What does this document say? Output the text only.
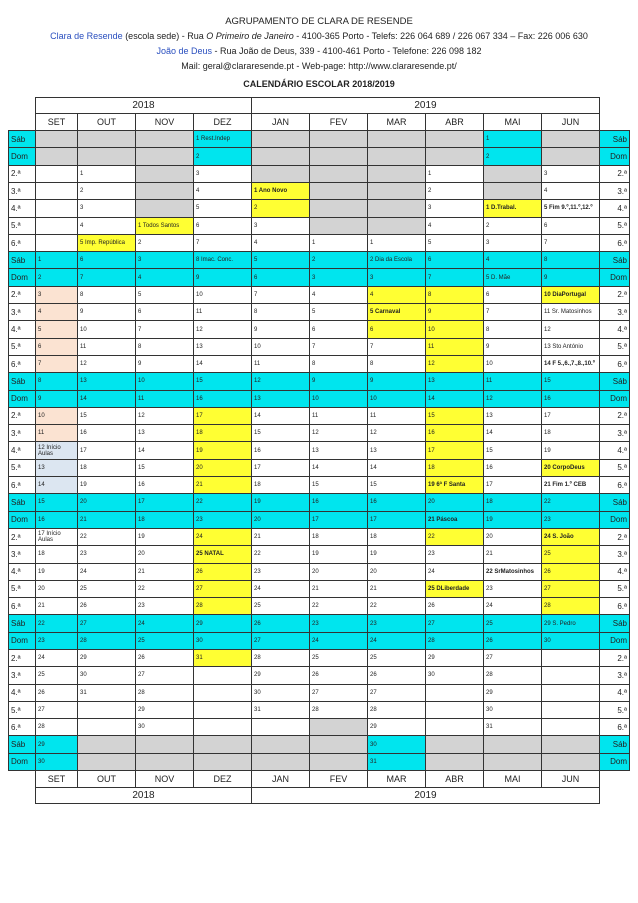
AGRUPAMENTO DE CLARA DE RESENDE
Clara de Resende (escola sede) - Rua O Primeiro de Janeiro - 4100-365 Porto - Telefs: 226 064 689 / 226 067 334 – Fax: 226 006 630
João de Deus - Rua João de Deus, 339 - 4100-461 Porto - Telefone: 226 098 182
Mail: geral@clararesende.pt - Web-page: http://www.clararesende.pt/
CALENDÁRIO ESCOLAR 2018/2019
	2018				2019						
	SET	OUT	NOV	DEZ	JAN	FEV	MAR	ABR	MAI	JUN	
Sáb				1 Rest.Indep					1		Sáb
Dom				2					2		Dom
2.ª		1		3				1		3	2.ª
3.ª		2		4	1 Ano Novo			2		4	3.ª
4.ª		3		5	2			3	1 D.Trabal.	5 Fim 9.º,11.º,12.º	4.ª
5.ª		4	1 Todos Santos	6	3			4	2	6	5.ª
6.ª		5 Imp. República	2	7	4	1	1	5	3	7	6.ª
Sáb	1	6	3	8 Imac. Conc.	5	2	2 Dia da Escola	6	4	8	Sáb
Dom	2	7	4	9	6	3	3	7	5 D. Mãe	9	Dom
2.ª	3	8	5	10	7	4	4	8	6	10 DiaPortugal	2.ª
3.ª	4	9	6	11	8	5	5 Carnaval	9	7	11 Sr. Matosinhos	3.ª
4.ª	5	10	7	12	9	6	6	10	8	12	4.ª
5.ª	6	11	8	13	10	7	7	11	9	13 Sto António	5.ª
6.ª	7	12	9	14	11	8	8	12	10	14 F 5.,6.,7.,8.,10.º	6.ª
Sáb	8	13	10	15	12	9	9	13	11	15	Sáb
Dom	9	14	11	16	13	10	10	14	12	16	Dom
2.ª	10	15	12	17	14	11	11	15	13	17	2.ª
3.ª	11	16	13	18	15	12	12	16	14	18	3.ª
4.ª	12 Início Aulas	17	14	19	16	13	13	17	15	19	4.ª
5.ª	13	18	15	20	17	14	14	18	16	20 CorpoDeus	5.ª
6.ª	14	19	16	21	18	15	15	19 6ª F Santa	17	21 Fim 1.º CEB	6.ª
Sáb	15	20	17	22	19	16	16	20	18	22	Sáb
Dom	16	21	18	23	20	17	17	21 Páscoa	19	23	Dom
2.ª	17 Início Aulas	22	19	24	21	18	18	22	20	24 S. João	2.ª
3.ª	18	23	20	25 NATAL	22	19	19	23	21	25	3.ª
4.ª	19	24	21	26	23	20	20	24	22 SrMatosinhos	26	4.ª
5.ª	20	25	22	27	24	21	21	25 DLiberdade	23	27	5.ª
6.ª	21	26	23	28	25	22	22	26	24	28	6.ª
Sáb	22	27	24	29	26	23	23	27	25	29 S. Pedro	Sáb
Dom	23	28	25	30	27	24	24	28	26	30	Dom
2.ª	24	29	26	31	28	25	25	29	27		2.ª
3.ª	25	30	27		29	26	26	30	28		3.ª
4.ª	26	31	28		30	27	27		29		4.ª
5.ª	27		29		31	28	28		30		5.ª
6.ª	28		30				29		31		6.ª
Sáb	29						30				Sáb
Dom	30						31				Dom
	SET	OUT	NOV	DEZ	JAN	FEV	MAR	ABR	MAI	JUN	
	2018				2019						
